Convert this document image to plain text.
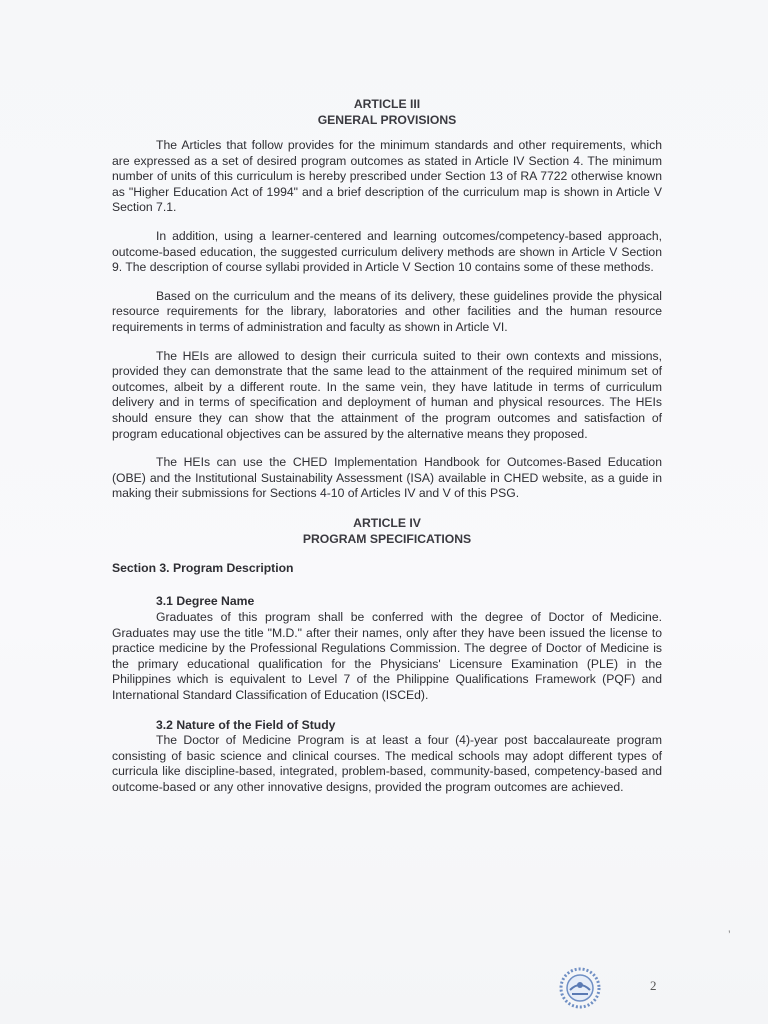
ARTICLE III
GENERAL PROVISIONS

The Articles that follow provides for the minimum standards and other requirements, which are expressed as a set of desired program outcomes as stated in Article IV Section 4. The minimum number of units of this curriculum is hereby prescribed under Section 13 of RA 7722 otherwise known as "Higher Education Act of 1994" and a brief description of the curriculum map is shown in Article V Section 7.1.

In addition, using a learner-centered and learning outcomes/competency-based approach, outcome-based education, the suggested curriculum delivery methods are shown in Article V Section 9. The description of course syllabi provided in Article V Section 10 contains some of these methods.

Based on the curriculum and the means of its delivery, these guidelines provide the physical resource requirements for the library, laboratories and other facilities and the human resource requirements in terms of administration and faculty as shown in Article VI.

The HEIs are allowed to design their curricula suited to their own contexts and missions, provided they can demonstrate that the same lead to the attainment of the required minimum set of outcomes, albeit by a different route. In the same vein, they have latitude in terms of curriculum delivery and in terms of specification and deployment of human and physical resources. The HEIs should ensure they can show that the attainment of the program outcomes and satisfaction of program educational objectives can be assured by the alternative means they proposed.

The HEIs can use the CHED Implementation Handbook for Outcomes-Based Education (OBE) and the Institutional Sustainability Assessment (ISA) available in CHED website, as a guide in making their submissions for Sections 4-10 of Articles IV and V of this PSG.

ARTICLE IV
PROGRAM SPECIFICATIONS
Section 3. Program Description
3.1 Degree Name
Graduates of this program shall be conferred with the degree of Doctor of Medicine. Graduates may use the title "M.D." after their names, only after they have been issued the license to practice medicine by the Professional Regulations Commission. The degree of Doctor of Medicine is the primary educational qualification for the Physicians' Licensure Examination (PLE) in the Philippines which is equivalent to Level 7 of the Philippine Qualifications Framework (PQF) and International Standard Classification of Education (ISCEd).
3.2 Nature of the Field of Study
The Doctor of Medicine Program is at least a four (4)-year post baccalaureate program consisting of basic science and clinical courses. The medical schools may adopt different types of curricula like discipline-based, integrated, problem-based, community-based, competency-based and outcome-based or any other innovative designs, provided the program outcomes are achieved.
2
’
